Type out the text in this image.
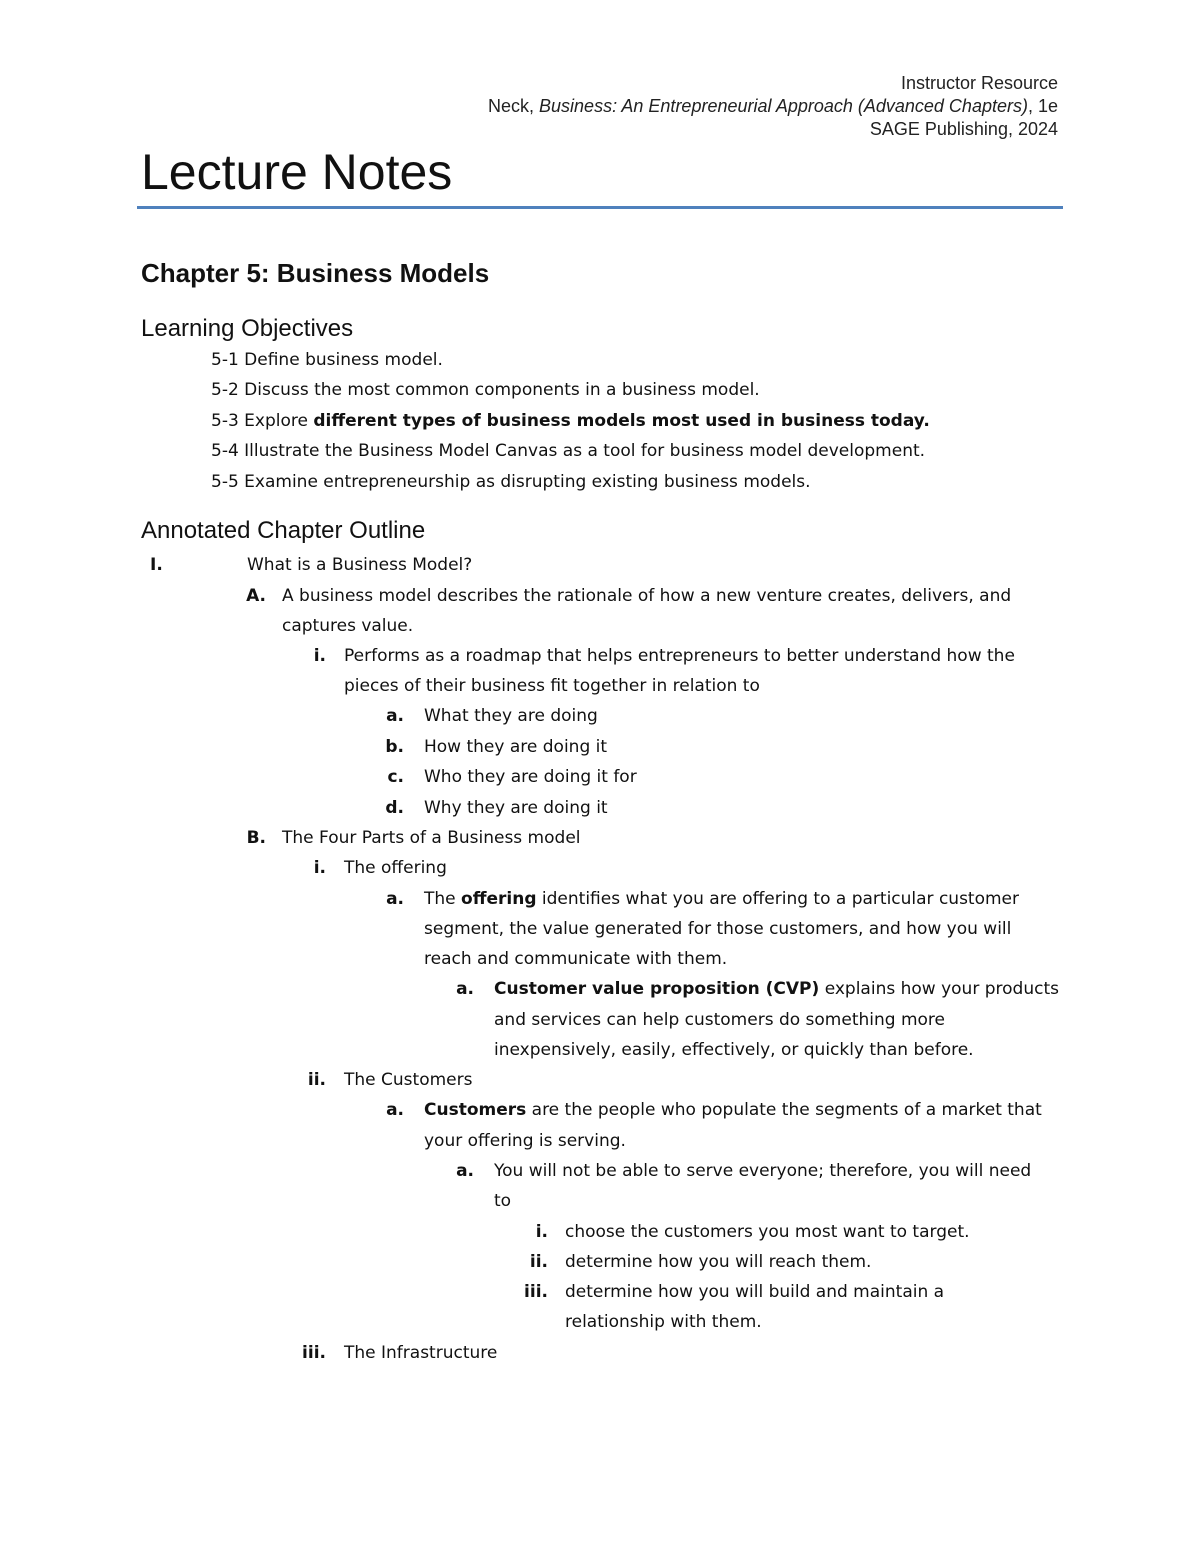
Instructor Resource
Neck, Business: An Entrepreneurial Approach (Advanced Chapters), 1e
SAGE Publishing, 2024
Lecture Notes
Chapter 5: Business Models
Learning Objectives
5-1 Define business model.
5-2 Discuss the most common components in a business model.
5-3 Explore different types of business models most used in business today.
5-4 Illustrate the Business Model Canvas as a tool for business model development.
5-5 Examine entrepreneurship as disrupting existing business models.
Annotated Chapter Outline
I.	What is a Business Model?
A. A business model describes the rationale of how a new venture creates, delivers, and
captures value.
i. Performs as a roadmap that helps entrepreneurs to better understand how the
pieces of their business fit together in relation to
a. What they are doing
b. How they are doing it
c. Who they are doing it for
d. Why they are doing it
B. The Four Parts of a Business model
i. The offering
a. The offering identifies what you are offering to a particular customer
segment, the value generated for those customers, and how you will
reach and communicate with them.
a. Customer value proposition (CVP) explains how your products
and services can help customers do something more
inexpensively, easily, effectively, or quickly than before.
ii. The Customers
a. Customers are the people who populate the segments of a market that
your offering is serving.
a. You will not be able to serve everyone; therefore, you will need
to
i. choose the customers you most want to target.
ii. determine how you will reach them.
iii. determine how you will build and maintain a
relationship with them.
iii. The Infrastructure
